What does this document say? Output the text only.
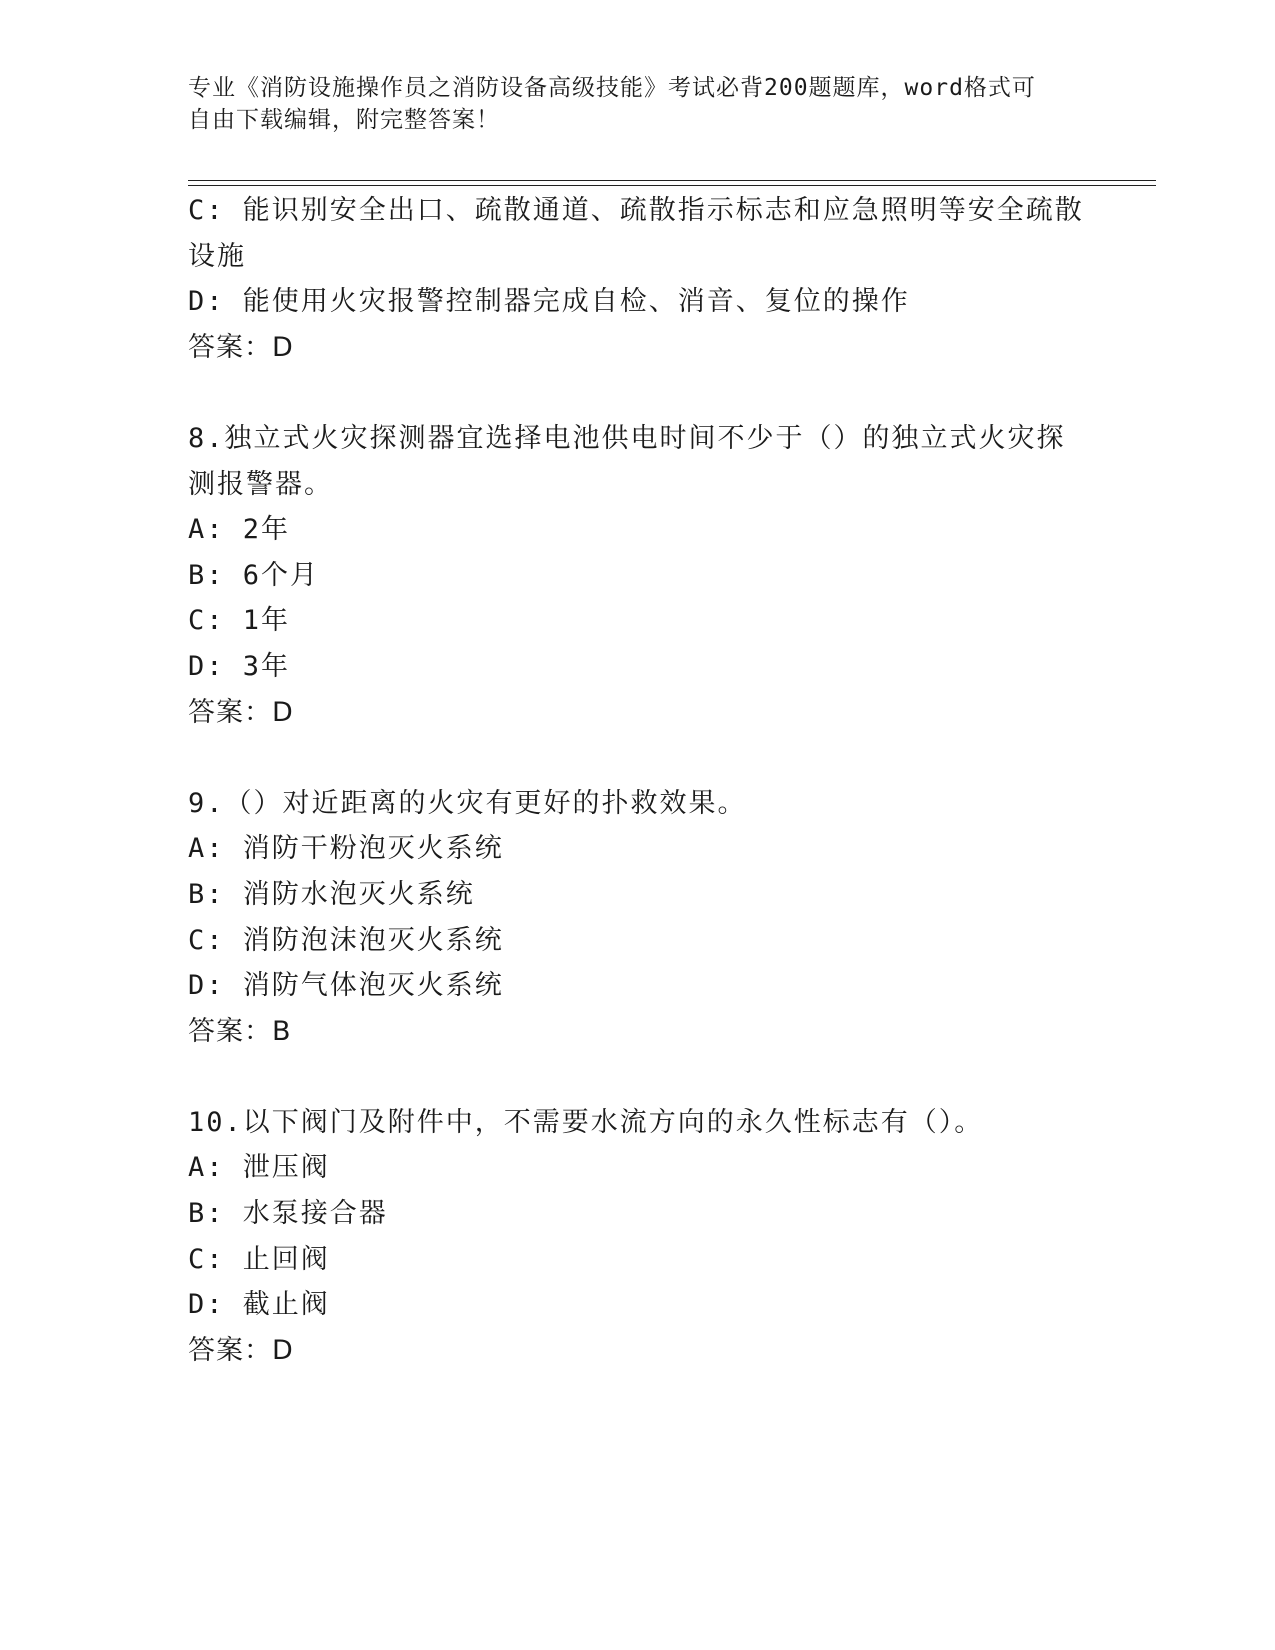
专业《消防设施操作员之消防设备高级技能》考试必背200题题库，word格式可
自由下载编辑，附完整答案！
C: 能识别安全出口、疏散通道、疏散指示标志和应急照明等安全疏散
设施
D: 能使用火灾报警控制器完成自检、消音、复位的操作
答案：D
8.独立式火灾探测器宜选择电池供电时间不少于（）的独立式火灾探
测报警器。
A: 2年
B: 6个月
C: 1年
D: 3年
答案：D
9.（）对近距离的火灾有更好的扑救效果。
A: 消防干粉泡灭火系统
B: 消防水泡灭火系统
C: 消防泡沫泡灭火系统
D: 消防气体泡灭火系统
答案：B
10.以下阀门及附件中，不需要水流方向的永久性标志有（）。
A: 泄压阀
B: 水泵接合器
C: 止回阀
D: 截止阀
答案：D
